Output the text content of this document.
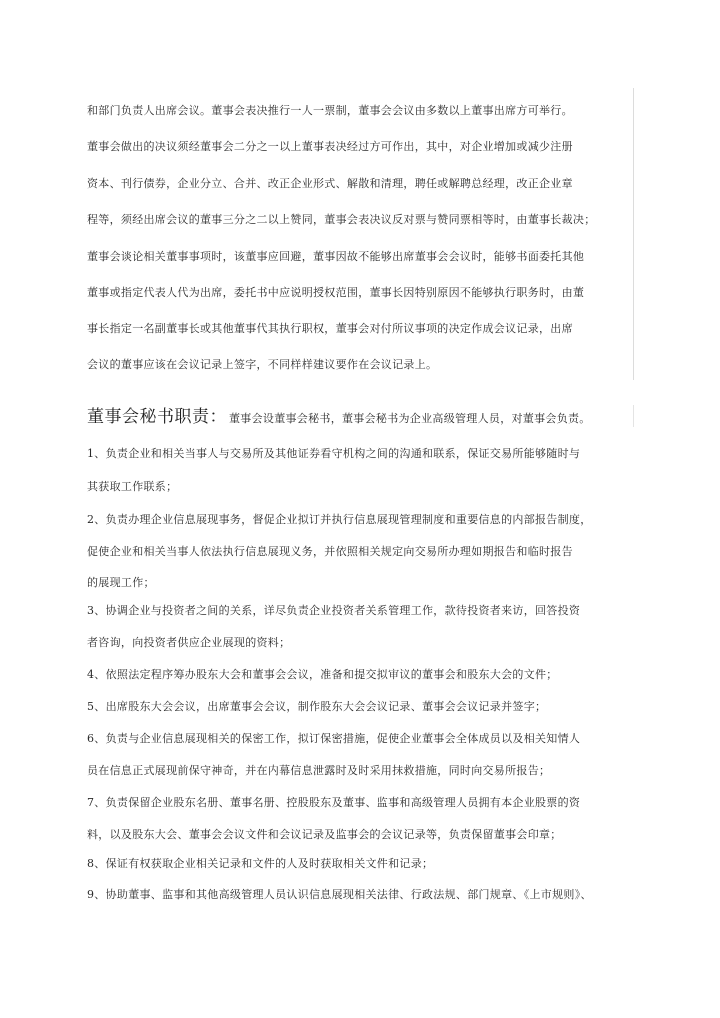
和部门负责人出席会议。董事会表决推行一人一票制，董事会会议由多数以上董事出席方可举行。
董事会做出的决议须经董事会二分之一以上董事表决经过方可作出，其中，对企业增加或减少注册
资本、刊行债券，企业分立、合并、改正企业形式、解散和清理，聘任或解聘总经理，改正企业章
程等，须经出席会议的董事三分之二以上赞同，董事会表决议反对票与赞同票相等时，由董事长裁决；
董事会谈论相关董事事项时，该董事应回避，董事因故不能够出席董事会会议时，能够书面委托其他
董事或指定代表人代为出席，委托书中应说明授权范围，董事长因特别原因不能够执行职务时，由董
事长指定一名副董事长或其他董事代其执行职权，董事会对付所议事项的决定作成会议记录，出席
会议的董事应该在会议记录上签字，不同样样建议要作在会议记录上。
董事会秘书职责： 董事会设董事会秘书，董事会秘书为企业高级管理人员，对董事会负责。
1、负责企业和相关当事人与交易所及其他证券看守机构之间的沟通和联系，保证交易所能够随时与
其获取工作联系；
2、负责办理企业信息展现事务，督促企业拟订并执行信息展现管理制度和重要信息的内部报告制度，
促使企业和相关当事人依法执行信息展现义务，并依照相关规定向交易所办理如期报告和临时报告
的展现工作；
3、协调企业与投资者之间的关系，详尽负责企业投资者关系管理工作，款待投资者来访，回答投资
者咨询，向投资者供应企业展现的资料；
4、依照法定程序筹办股东大会和董事会会议，准备和提交拟审议的董事会和股东大会的文件；
5、出席股东大会会议，出席董事会会议，制作股东大会会议记录、董事会会议记录并签字；
6、负责与企业信息展现相关的保密工作，拟订保密措施，促使企业董事会全体成员以及相关知情人
员在信息正式展现前保守神奇，并在内幕信息泄露时及时采用抹救措施，同时向交易所报告；
7、负责保留企业股东名册、董事名册、控股股东及董事、监事和高级管理人员拥有本企业股票的资
料，以及股东大会、董事会会议文件和会议记录及监事会的会议记录等，负责保留董事会印章；
8、保证有权获取企业相关记录和文件的人及时获取相关文件和记录；
9、协助董事、监事和其他高级管理人员认识信息展现相关法律、行政法规、部门规章、《上市规则》、
